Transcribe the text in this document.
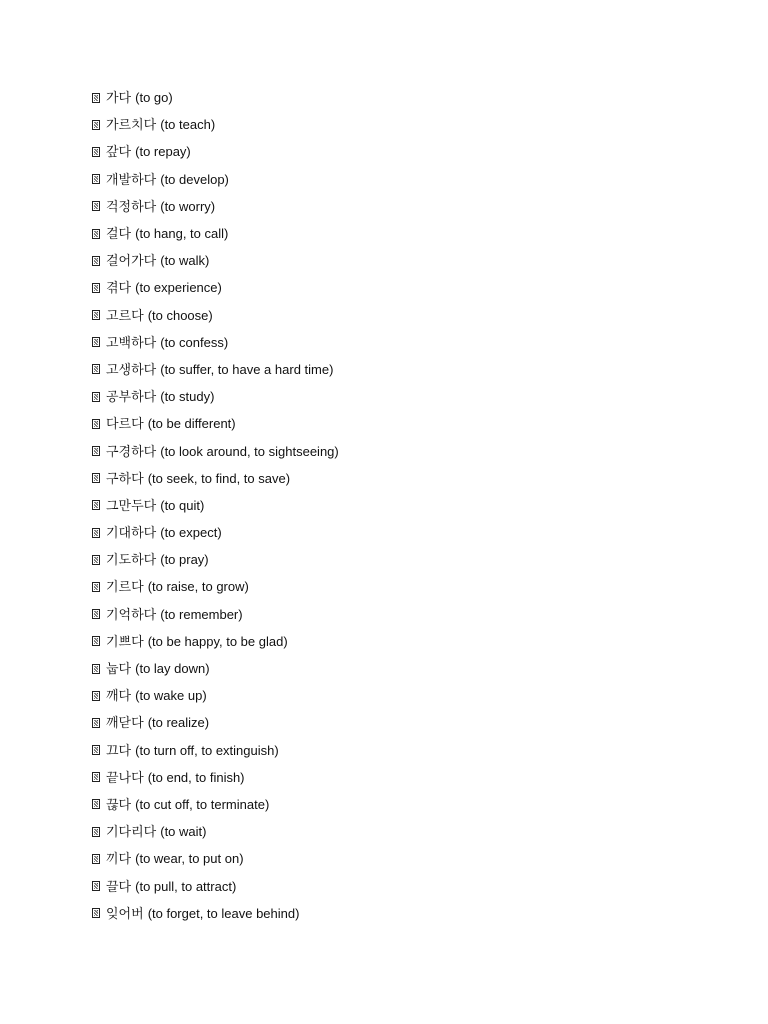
가다 (to go)
가르치다 (to teach)
갚다 (to repay)
개발하다 (to develop)
걱정하다 (to worry)
걸다 (to hang, to call)
걸어가다 (to walk)
겪다 (to experience)
고르다 (to choose)
고백하다 (to confess)
고생하다 (to suffer, to have a hard time)
공부하다 (to study)
다르다 (to be different)
구경하다 (to look around, to sightseeing)
구하다 (to seek, to find, to save)
그만두다 (to quit)
기대하다 (to expect)
기도하다 (to pray)
기르다 (to raise, to grow)
기억하다 (to remember)
기쁘다 (to be happy, to be glad)
눕다 (to lay down)
깨다 (to wake up)
깨닫다 (to realize)
끄다 (to turn off, to extinguish)
끝나다 (to end, to finish)
끊다 (to cut off, to terminate)
기다리다 (to wait)
끼다 (to wear, to put on)
끌다 (to pull, to attract)
잊어버 (to forget, to leave behind)
